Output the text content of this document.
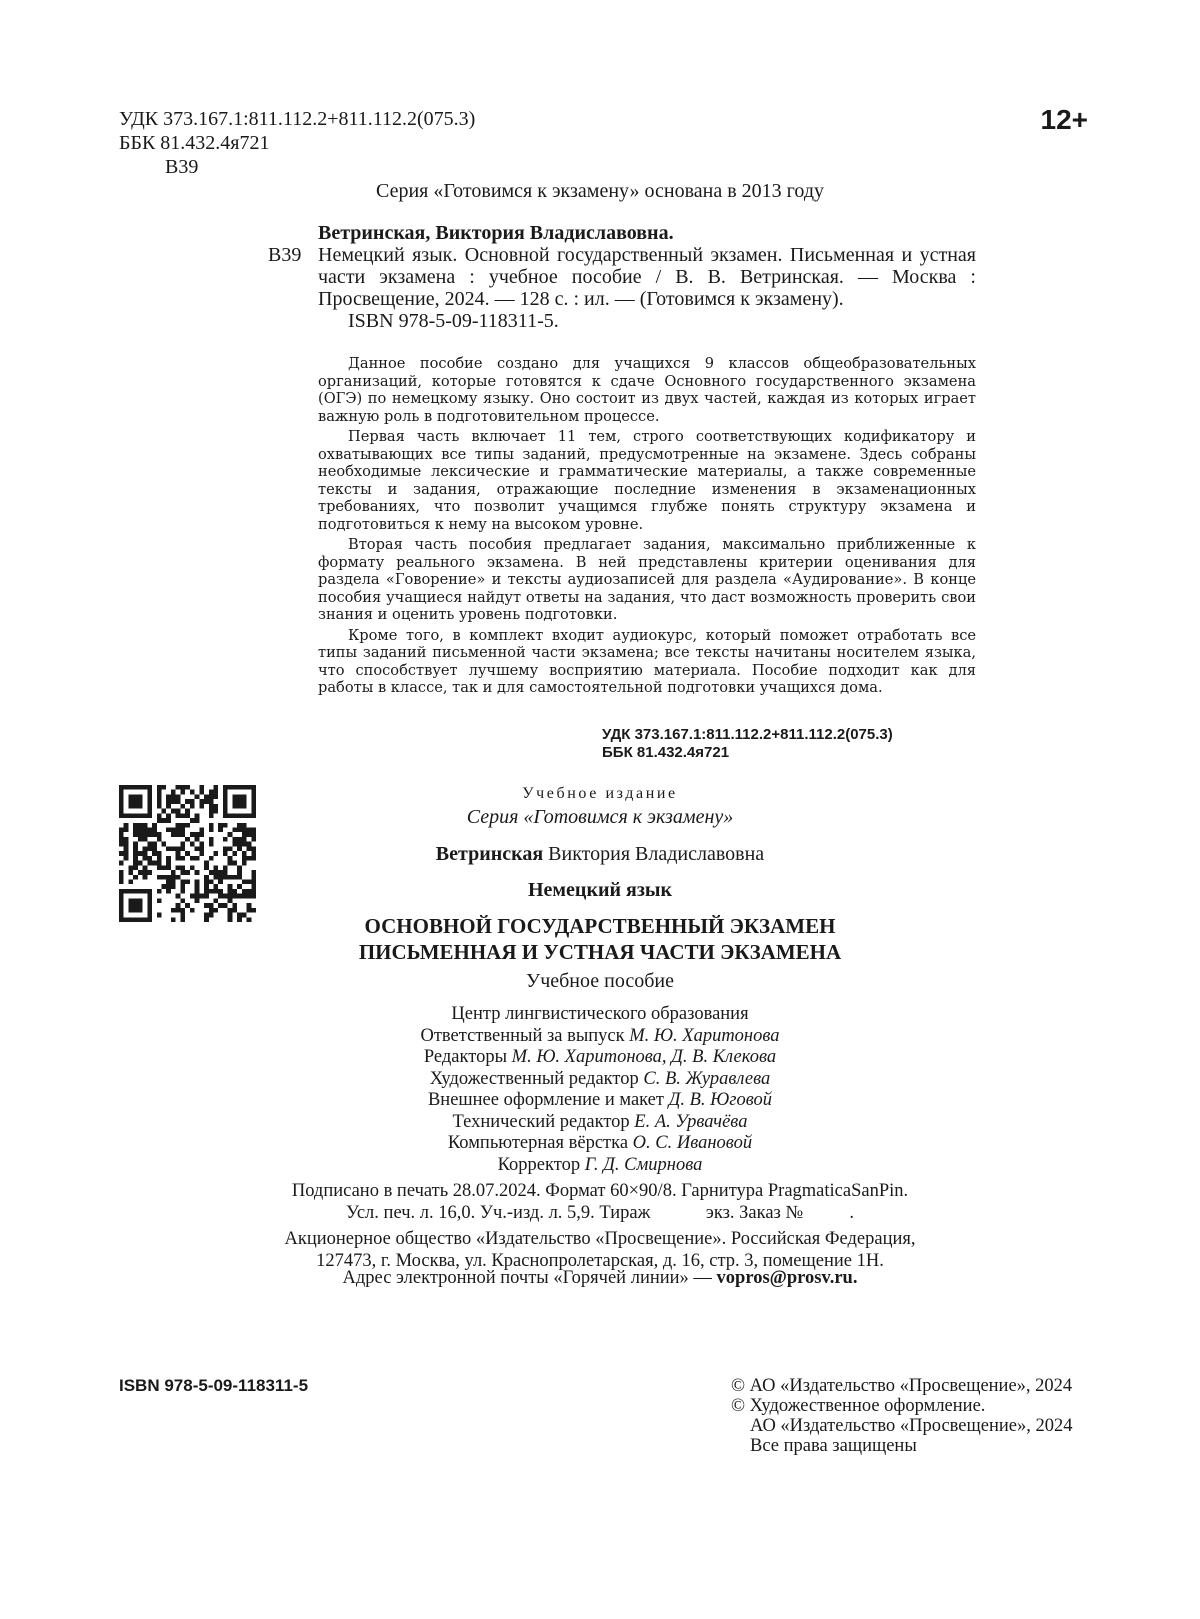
УДК 373.167.1:811.112.2+811.112.2(075.3)
ББК 81.432.4я721
В39
12+
Серия «Готовимся к экзамену» основана в 2013 году
Ветринская, Виктория Владиславовна.
В39 Немецкий язык. Основной государственный экзамен. Письменная и устная части экзамена : учебное пособие / В. В. Ветринская. — Москва : Просвещение, 2024. — 128 с. : ил. — (Готовимся к экзамену).
ISBN 978-5-09-118311-5.

Данное пособие создано для учащихся 9 классов общеобразовательных организаций, которые готовятся к сдаче Основного государственного экзамена (ОГЭ) по немецкому языку. Оно состоит из двух частей, каждая из которых играет важную роль в подготовительном процессе.

Первая часть включает 11 тем, строго соответствующих кодификатору и охватывающих все типы заданий, предусмотренные на экзамене. Здесь собраны необходимые лексические и грамматические материалы, а также современные тексты и задания, отражающие последние изменения в экзаменационных требованиях, что позволит учащимся глубже понять структуру экзамена и подготовиться к нему на высоком уровне.

Вторая часть пособия предлагает задания, максимально приближенные к формату реального экзамена. В ней представлены критерии оценивания для раздела «Говорение» и тексты аудиозаписей для раздела «Аудирование». В конце пособия учащиеся найдут ответы на задания, что даст возможность проверить свои знания и оценить уровень подготовки.

Кроме того, в комплект входит аудиокурс, который поможет отработать все типы заданий письменной части экзамена; все тексты начитаны носителем языка, что способствует лучшему восприятию материала. Пособие подходит как для работы в классе, так и для самостоятельной подготовки учащихся дома.

УДК 373.167.1:811.112.2+811.112.2(075.3)
ББК 81.432.4я721
Учебное издание
Серия «Готовимся к экзамену»
Ветринская Виктория Владиславовна
Немецкий язык
ОСНОВНОЙ ГОСУДАРСТВЕННЫЙ ЭКЗАМЕН
ПИСЬМЕННАЯ И УСТНАЯ ЧАСТИ ЭКЗАМЕНА
Учебное пособие
Центр лингвистического образования
Ответственный за выпуск М. Ю. Харитонова
Редакторы М. Ю. Харитонова, Д. В. Клекова
Художественный редактор С. В. Журавлева
Внешнее оформление и макет Д. В. Юговой
Технический редактор Е. А. Урвачёва
Компьютерная вёрстка О. С. Ивановой
Корректор Г. Д. Смирнова
Подписано в печать 28.07.2024. Формат 60×90/8. Гарнитура PragmaticaSanPin.
Усл. печ. л. 16,0. Уч.-изд. л. 5,9. Тираж            экз. Заказ №          .
Акционерное общество «Издательство «Просвещение». Российская Федерация,
127473, г. Москва, ул. Краснопролетарская, д. 16, стр. 3, помещение 1Н.
Адрес электронной почты «Горячей линии» — vopros@prosv.ru.
ISBN 978-5-09-118311-5	© АО «Издательство «Просвещение», 2024
© Художественное оформление.
АО «Издательство «Просвещение», 2024
Все права защищены
